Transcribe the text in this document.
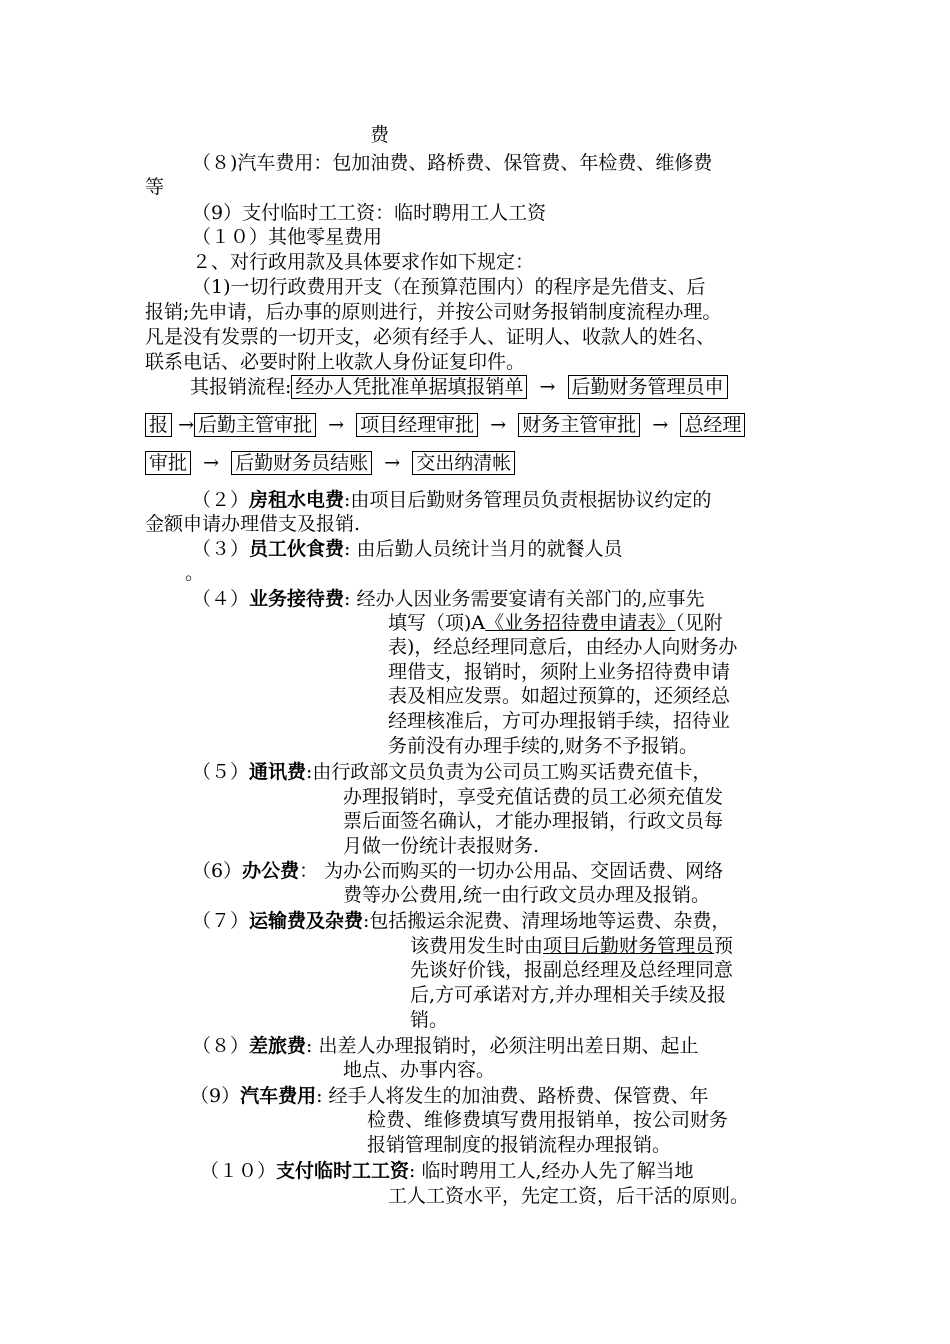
费
（８)汽车费用：包加油费、路桥费、保管费、年检费、维修费
等
（9）支付临时工工资：临时聘用工人工资
（１０）其他零星费用
２、对行政用款及具体要求作如下规定：
（1)一切行政费用开支（在预算范围内）的程序是先借支、后
报销;先申请，后办事的原则进行，并按公司财务报销制度流程办理。
凡是没有发票的一切开支，必须有经手人、证明人、收款人的姓名、
联系电话、必要时附上收款人身份证复印件。
其报销流程: 经办人凭批准单据填报销单 → 后勤财务管理员申
报 → 后勤主管审批 → 项目经理审批 → 财务主管审批 → 总经理
审批 → 后勤财务员结账 → 交出纳清帐
（２）房租水电费:由项目后勤财务管理员负责根据协议约定的
金额申请办理借支及报销.
（３）员工伙食费: 由后勤人员统计当月的就餐人员
。
（４）业务接待费: 经办人因业务需要宴请有关部门的,应事先
填写（项)A《业务招待费申请表》（见附
表)，经总经理同意后，由经办人向财务办
理借支，报销时，须附上业务招待费申请
表及相应发票。如超过预算的，还须经总
经理核准后，方可办理报销手续，招待业
务前没有办理手续的,财务不予报销。
（５）通讯费:由行政部文员负责为公司员工购买话费充值卡，
办理报销时，享受充值话费的员工必须充值发
票后面签名确认，才能办理报销，行政文员每
月做一份统计表报财务.
（6）办公费： 为办公而购买的一切办公用品、交固话费、网络
费等办公费用,统一由行政文员办理及报销。
（７）运输费及杂费:包括搬运余泥费、清理场地等运费、杂费，
该费用发生时由项目后勤财务管理员预
先谈好价钱，报副总经理及总经理同意
后,方可承诺对方,并办理相关手续及报
销。
（８）差旅费: 出差人办理报销时，必须注明出差日期、起止
地点、办事内容。
（9）汽车费用: 经手人将发生的加油费、路桥费、保管费、年
检费、维修费填写费用报销单，按公司财务
报销管理制度的报销流程办理报销。
（１０）支付临时工工资: 临时聘用工人,经办人先了解当地
工人工资水平，先定工资，后干活的原则。
